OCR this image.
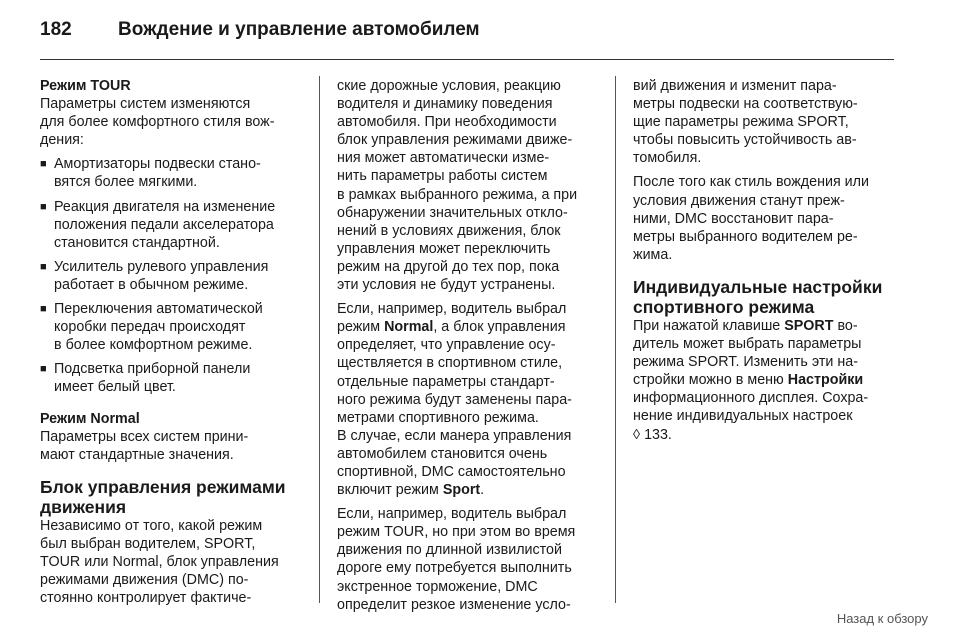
182 Вождение и управление автомобилем
Режим TOUR
Параметры систем изменяются
для более комфортного стиля вож-
дения:
■ Амортизаторы подвески стано-
вятся более мягкими.
■ Реакция двигателя на изменение
положения педали акселератора
становится стандартной.
■ Усилитель рулевого управления
работает в обычном режиме.
■ Переключения автоматической
коробки передач происходят
в более комфортном режиме.
■ Подсветка приборной панели
имеет белый цвет.
Режим Normal
Параметры всех систем прини-
мают стандартные значения.
Блок управления режимами
движения
Независимо от того, какой режим
был выбран водителем, SPORT,
TOUR или Normal, блок управления
режимами движения (DMC) по-
стоянно контролирует фактиче-
ские дорожные условия, реакцию
водителя и динамику поведения
автомобиля. При необходимости
блок управления режимами движе-
ния может автоматически изме-
нить параметры работы систем
в рамках выбранного режима, а при
обнаружении значительных откло-
нений в условиях движения, блок
управления может переключить
режим на другой до тех пор, пока
эти условия не будут устранены.
Если, например, водитель выбрал
режим Normal, а блок управления
определяет, что управление осу-
ществляется в спортивном стиле,
отдельные параметры стандарт-
ного режима будут заменены пара-
метрами спортивного режима.
В случае, если манера управления
автомобилем становится очень
спортивной, DMC самостоятельно
включит режим Sport.
Если, например, водитель выбрал
режим TOUR, но при этом во время
движения по длинной извилистой
дороге ему потребуется выполнить
экстренное торможение, DMC
определит резкое изменение усло-
вий движения и изменит пара-
метры подвески на соответствую-
щие параметры режима SPORT,
чтобы повысить устойчивость ав-
томобиля.
После того как стиль вождения или
условия движения станут преж-
ними, DMC восстановит пара-
метры выбранного водителем ре-
жима.
Индивидуальные настройки
спортивного режима
При нажатой клавише SPORT во-
дитель может выбрать параметры
режима SPORT. Изменить эти на-
стройки можно в меню Настройки
информационного дисплея. Сохра-
нение индивидуальных настроек
◊ 133.
Назад к обзору
